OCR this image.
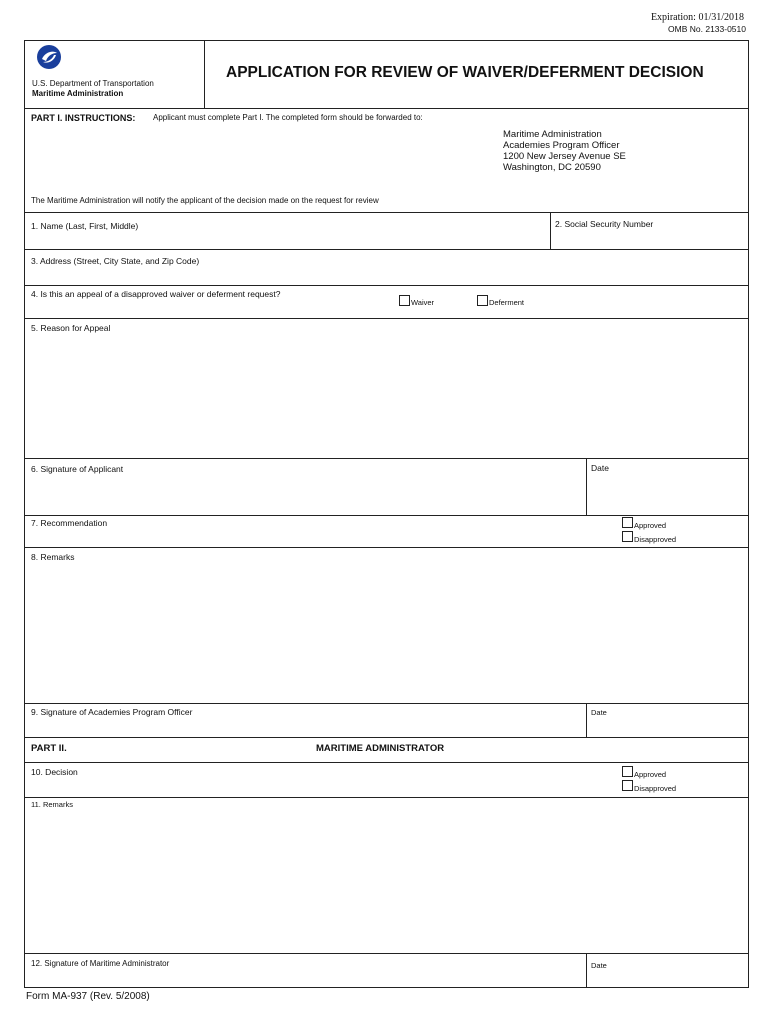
Expiration: 01/31/2018
OMB No. 2133-0510
U.S. Department of Transportation
Maritime Administration
APPLICATION FOR REVIEW OF WAIVER/DEFERMENT DECISION
PART I. INSTRUCTIONS: Applicant must complete Part I. The completed form should be forwarded to:
Maritime Administration
Academies Program Officer
1200 New Jersey Avenue SE
Washington, DC 20590
The Maritime Administration will notify the applicant of the decision made on the request for review
1. Name (Last, First, Middle)	2. Social Security Number
3. Address (Street, City State, and Zip Code)
4. Is this an appeal of a disapproved waiver or deferment request?
Waiver	Deferment
5. Reason for Appeal
6. Signature of Applicant	Date
7. Recommendation	Approved
Disapproved
8. Remarks
9. Signature of Academies Program Officer	Date
PART II.	MARITIME ADMINISTRATOR
10. Decision	Approved
Disapproved
11. Remarks
12. Signature of Maritime Administrator	Date
Form MA-937 (Rev. 5/2008)
